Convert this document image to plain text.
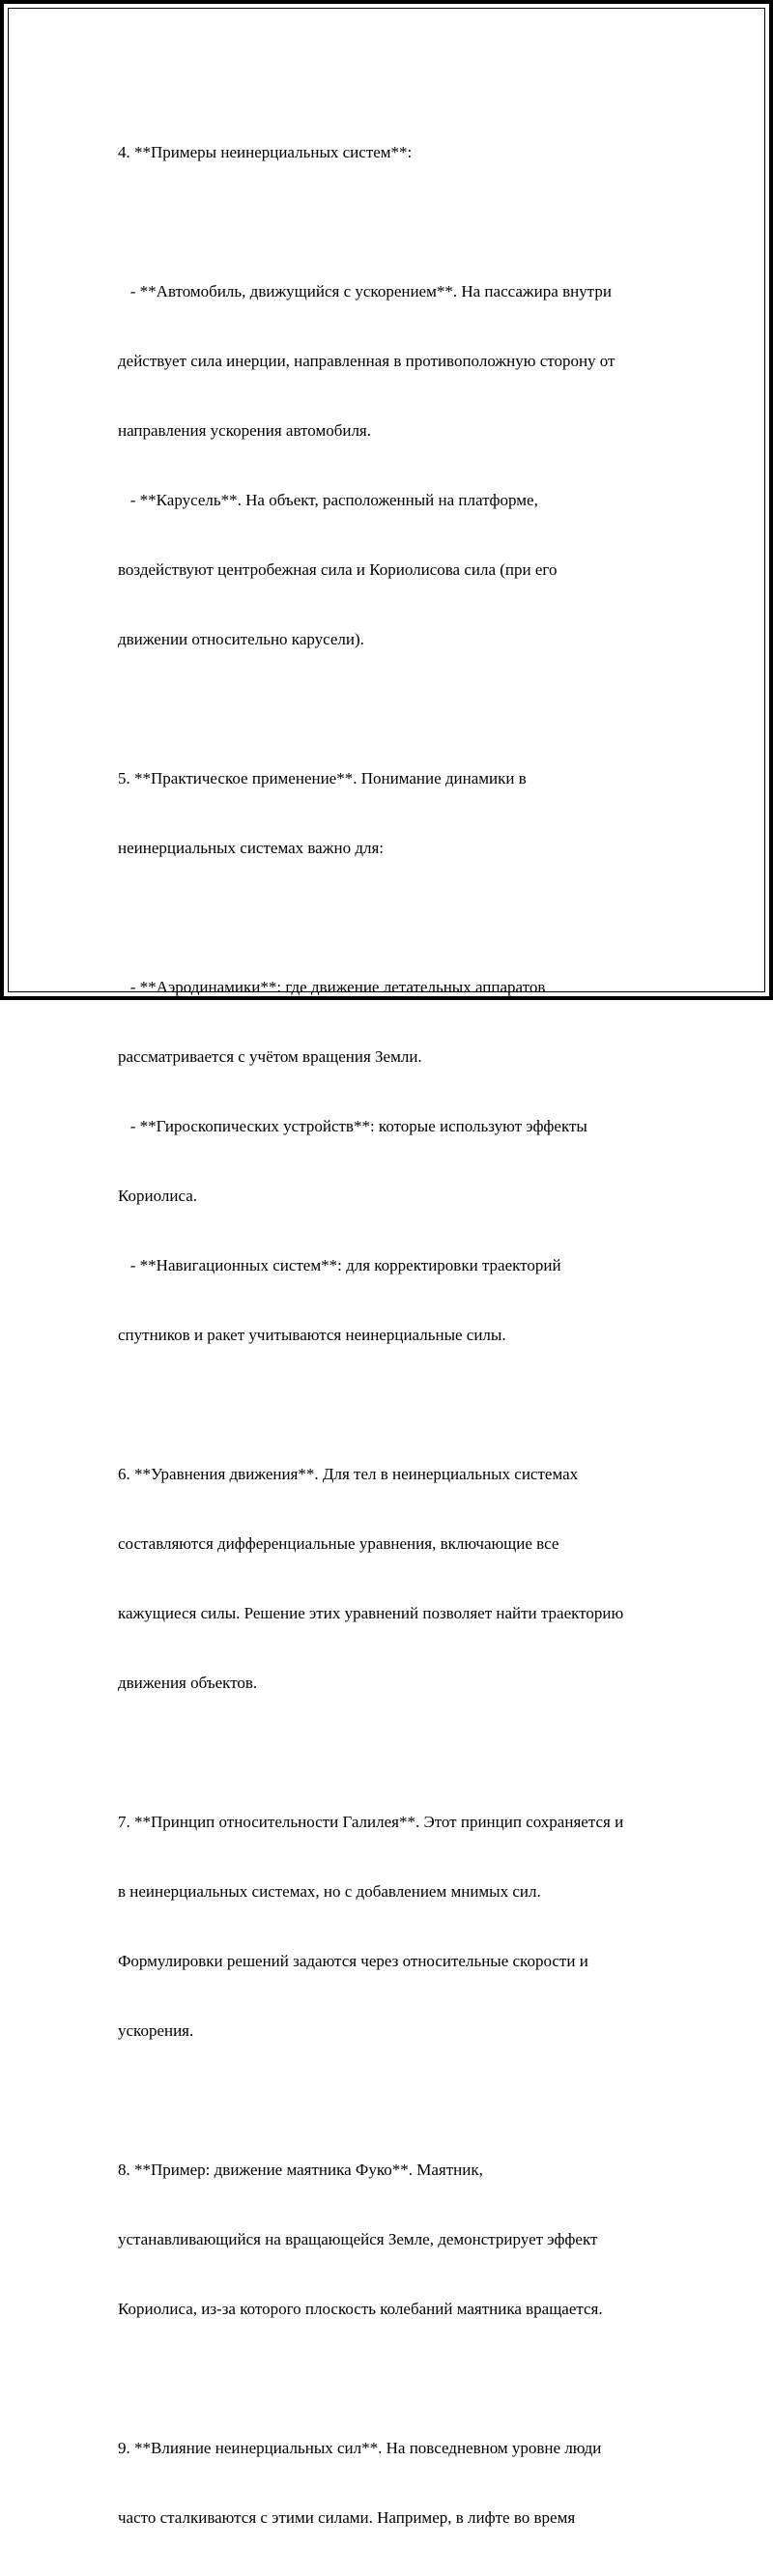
4. **Примеры неинерциальных систем**:

- **Автомобиль, движущийся с ускорением**. На пассажира внутри

действует сила инерции, направленная в противоположную сторону от

направления ускорения автомобиля.

- **Карусель**. На объект, расположенный на платформе,

воздействуют центробежная сила и Кориолисова сила (при его

движении относительно карусели).

5. **Практическое применение**. Понимание динамики в

неинерциальных системах важно для:

- **Аэродинамики**: где движение летательных аппаратов

рассматривается с учётом вращения Земли.

- **Гироскопических устройств**: которые используют эффекты

Кориолиса.

- **Навигационных систем**: для корректировки траекторий

спутников и ракет учитываются неинерциальные силы.

6. **Уравнения движения**. Для тел в неинерциальных системах

составляются дифференциальные уравнения, включающие все

кажущиеся силы. Решение этих уравнений позволяет найти траекторию

движения объектов.

7. **Принцип относительности Галилея**. Этот принцип сохраняется и

в неинерциальных системах, но с добавлением мнимых сил.

Формулировки решений задаются через относительные скорости и

ускорения.

8. **Пример: движение маятника Фуко**. Маятник,

устанавливающийся на вращающейся Земле, демонстрирует эффект

Кориолиса, из-за которого плоскость колебаний маятника вращается.

9. **Влияние неинерциальных сил**. На повседневном уровне люди

часто сталкиваются с этими силами. Например, в лифте во время
